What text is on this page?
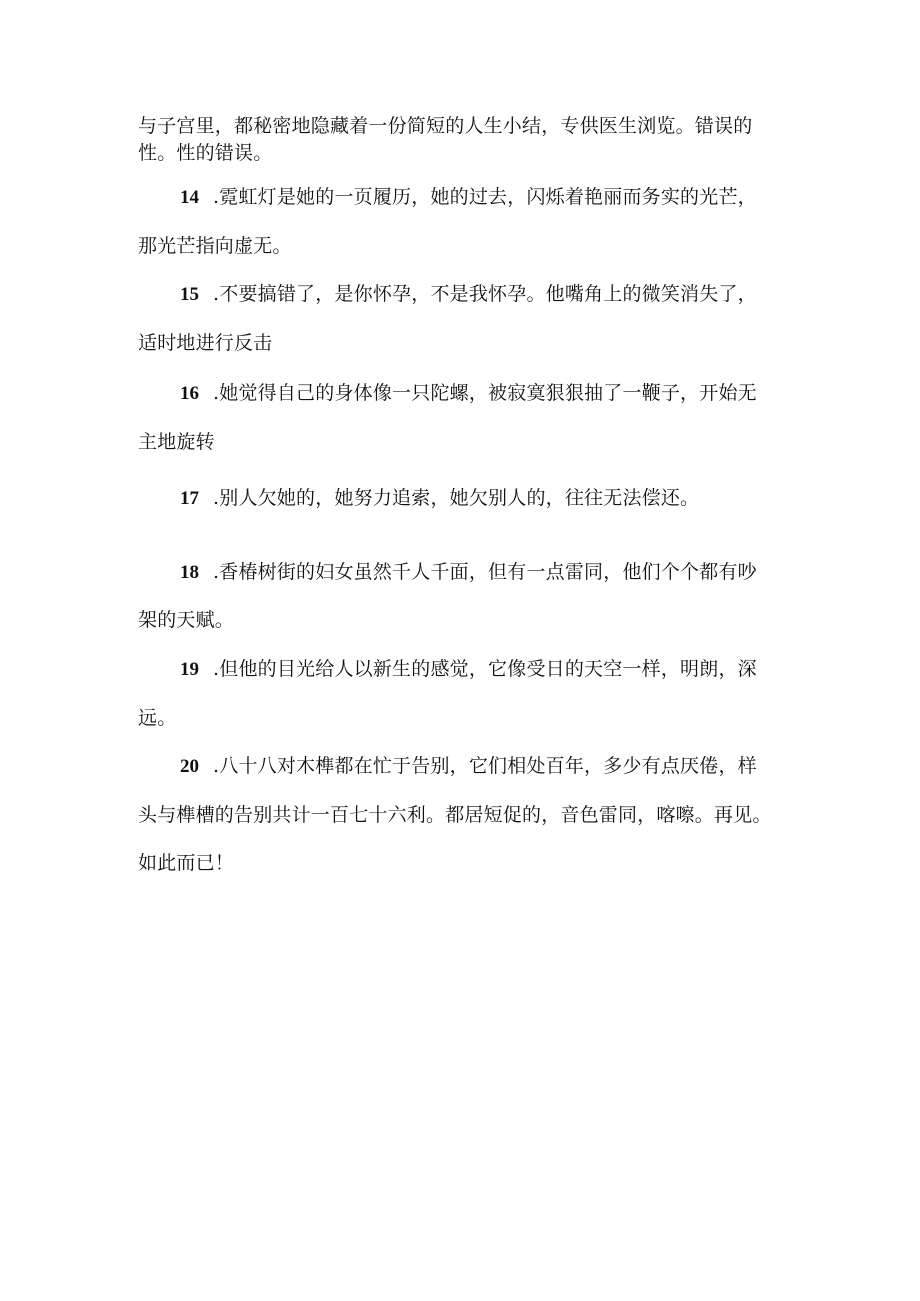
与子宫里，都秘密地隐藏着一份简短的人生小结，专供医生浏览。错误的
性。性的错误。
14 .霓虹灯是她的一页履历，她的过去，闪烁着艳丽而务实的光芒，
那光芒指向虚无。
15 .不要搞错了，是你怀孕，不是我怀孕。他嘴角上的微笑消失了，
适时地进行反击
16 .她觉得自己的身体像一只陀螺，被寂寞狠狠抽了一鞭子，开始无
主地旋转
17 .别人欠她的，她努力追索，她欠别人的，往往无法偿还。
18 .香椿树街的妇女虽然千人千面，但有一点雷同，他们个个都有吵
架的天赋。
19 .但他的目光给人以新生的感觉，它像受日的天空一样，明朗，深
远。
20 .八十八对木榫都在忙于告别，它们相处百年，多少有点厌倦，样
头与榫槽的告别共计一百七十六利。都居短促的，音色雷同，喀嚓。再见。
如此而已！
